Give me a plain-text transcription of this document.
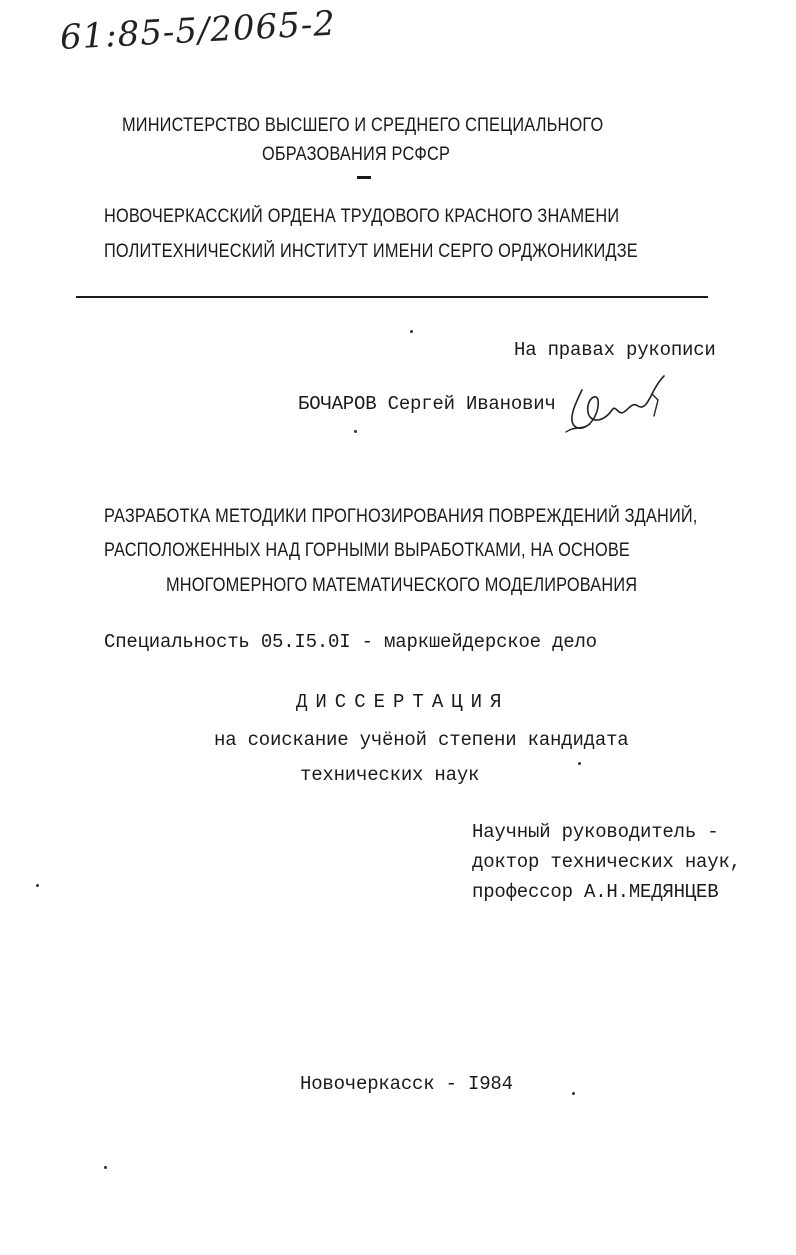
61:85-5/2065-2
МИНИСТЕРСТВО ВЫСШЕГО И СРЕДНЕГО СПЕЦИАЛЬНОГО
ОБРАЗОВАНИЯ РСФСР
НОВОЧЕРКАССКИЙ ОРДЕНА ТРУДОВОГО КРАСНОГО ЗНАМЕНИ
ПОЛИТЕХНИЧЕСКИЙ ИНСТИТУТ ИМЕНИ СЕРГО ОРДЖОНИКИДЗЕ
На правах рукописи
БОЧАРОВ Сергей Иванович
РАЗРАБОТКА МЕТОДИКИ ПРОГНОЗИРОВАНИЯ ПОВРЕЖДЕНИЙ ЗДАНИЙ,
РАСПОЛОЖЕННЫХ НАД ГОРНЫМИ ВЫРАБОТКАМИ, НА ОСНОВЕ
МНОГОМЕРНОГО МАТЕМАТИЧЕСКОГО МОДЕЛИРОВАНИЯ
Специальность 05.I5.0I - маркшейдерское дело
ДИССЕРТАЦИЯ
на соискание учёной степени кандидата
технических наук
Научный руководитель -
доктор технических наук,
профессор А.Н.МЕДЯНЦЕВ
Новочеркасск - I984
